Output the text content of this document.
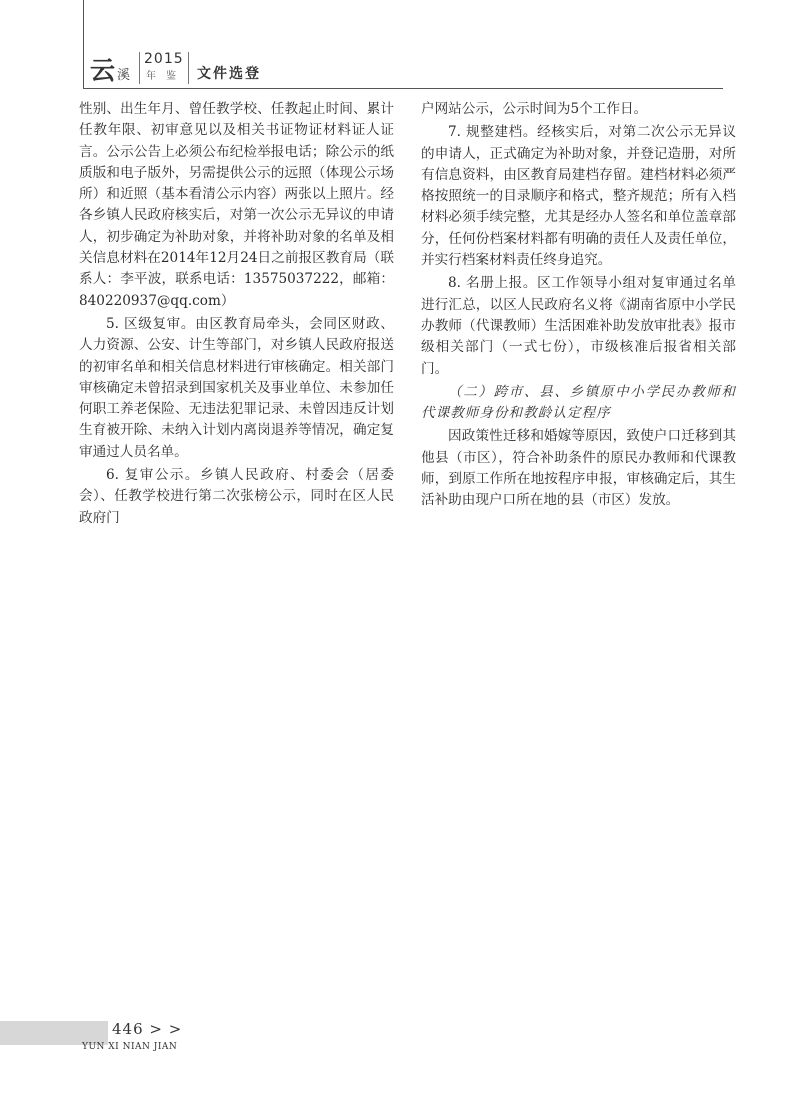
云 溪
2015
年鉴 文件选登

性别、出生年月、曾任教学校、任教起止时间、累计任教年限、初审意见以及相关书证物证材料证人证言。公示公告上必须公布纪检举报电话；除公示的纸质版和电子版外，另需提供公示的远照（体现公示场所）和近照（基本看清公示内容）两张以上照片。经各乡镇人民政府核实后，对第一次公示无异议的申请人，初步确定为补助对象，并将补助对象的名单及相关信息材料在2014年12月24日之前报区教育局（联系人：李平波，联系电话：13575037222，邮箱：840220937@qq.com）

5. 区级复审。由区教育局牵头，会同区财政、人力资源、公安、计生等部门，对乡镇人民政府报送的初审名单和相关信息材料进行审核确定。相关部门审核确定未曾招录到国家机关及事业单位、未参加任何职工养老保险、无违法犯罪记录、未曾因违反计划生育被开除、未纳入计划内离岗退养等情况，确定复审通过人员名单。

6. 复审公示。乡镇人民政府、村委会（居委会）、任教学校进行第二次张榜公示，同时在区人民政府门

户网站公示，公示时间为5个工作日。

7. 规整建档。经核实后，对第二次公示无异议的申请人，正式确定为补助对象，并登记造册，对所有信息资料，由区教育局建档存留。建档材料必须严格按照统一的目录顺序和格式，整齐规范；所有入档材料必须手续完整，尤其是经办人签名和单位盖章部分，任何份档案材料都有明确的责任人及责任单位，并实行档案材料责任终身追究。

8. 名册上报。区工作领导小组对复审通过名单进行汇总，以区人民政府名义将《湖南省原中小学民办教师（代课教师）生活困难补助发放审批表》报市级相关部门（一式七份），市级核准后报省相关部门。

（二）跨市、县、乡镇原中小学民办教师和代课教师身份和教龄认定程序

因政策性迁移和婚嫁等原因，致使户口迁移到其他县（市区），符合补助条件的原民办教师和代课教师，到原工作所在地按程序申报，审核确定后，其生活补助由现户口所在地的县（市区）发放。

446 > >
YUN XI NIAN JIAN
